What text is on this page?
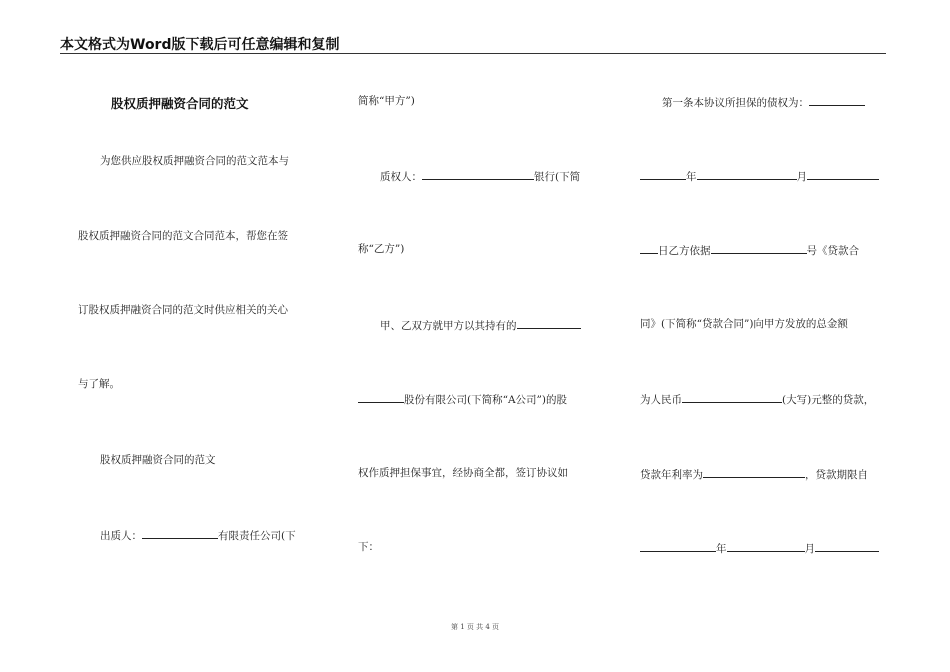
本文格式为Word版下载后可任意编辑和复制
股权质押融资合同的范文
为您供应股权质押融资合同的范文范本与
股权质押融资合同的范文合同范本，帮您在签
订股权质押融资合同的范文时供应相关的关心
与了解。
股权质押融资合同的范文
出质人：	有限责任公司(下
简称“甲方”)
质权人：	银行(下简
称“乙方”)
甲、乙双方就甲方以其持有的
股份有限公司(下简称“A公司”)的股
权作质押担保事宜，经协商全都，签订协议如
下：
第一条本协议所担保的债权为：
年	月
日乙方依据	号《贷款合
同》(下简称“贷款合同”)向甲方发放的总金额
为人民币	(大写)元整的贷款，
贷款年利率为	，贷款期限自
年	月
第 1 页 共 4 页
